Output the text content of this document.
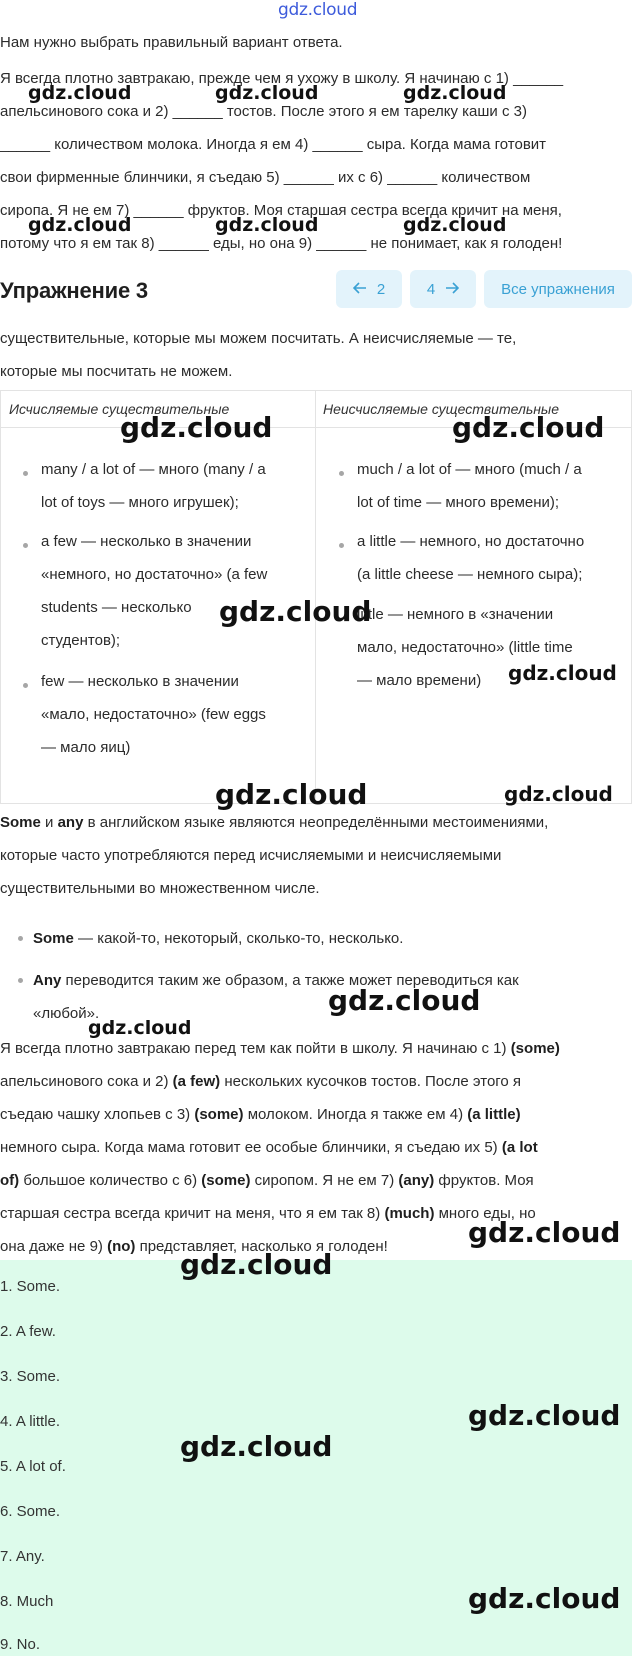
gdz.cloud

Нам нужно выбрать правильный вариант ответа.

Я всегда плотно завтракаю, прежде чем я ухожу в школу. Я начинаю с 1) ______

апельсинового сока и 2) ______ тостов. После этого я ем тарелку каши с 3)

______ количеством молока. Иногда я ем 4) ______ сыра. Когда мама готовит

свои фирменные блинчики, я съедаю 5) ______ их с 6) ______ количеством

сиропа. Я не ем 7) ______ фруктов. Моя старшая сестра всегда кричит на меня,

потому что я ем так 8) ______ еды, но она 9) ______ не понимает, как я голоден!

Упражнение 3	2	4	Все упражнения

существительные, которые мы можем посчитать. А неисчисляемые — те,

которые мы посчитать не можем.

Исчисляемые существительные	Неисчисляемые существительные
many / a lot of — много (many / a
lot of toys — много игрушек);
a few — несколько в значении
«немного, но достаточно» (a few
students — несколько
студентов);
few — несколько в значении
«мало, недостаточно» (few eggs
— мало яиц)
much / a lot of — много (much / a
lot of time — много времени);
a little — немного, но достаточно
(a little cheese — немного сыра);
little — немного в «значении
мало, недостаточно» (little time
— мало времени)

Some и any в английском языке являются неопределёнными местоимениями,

которые часто употребляются перед исчисляемыми и неисчисляемыми

существительными во множественном числе.

Some — какой-то, некоторый, сколько-то, несколько.

Any переводится таким же образом, а также может переводиться как

«любой».

Я всегда плотно завтракаю перед тем как пойти в школу. Я начинаю с 1) (some)

апельсинового сока и 2) (a few) нескольких кусочков тостов. После этого я

съедаю чашку хлопьев с 3) (some) молоком. Иногда я также ем 4) (a little)

немного сыра. Когда мама готовит ее особые блинчики, я съедаю их 5) (a lot

of) большое количество с 6) (some) сиропом. Я не ем 7) (any) фруктов. Моя

старшая сестра всегда кричит на меня, что я ем так 8) (much) много еды, но

она даже не 9) (no) представляет, насколько я голоден!

1. Some.
2. A few.
3. Some.
4. A little.
5. A lot of.
6. Some.
7. Any.
8. Much
9. No.
gdz.cloud	gdz.cloud	gdz.cloud
gdz.cloud	gdz.cloud	gdz.cloud
gdz.cloud	gdz.cloud
gdz.cloud
gdz.cloud
gdz.cloud	gdz.cloud
gdz.cloud
gdz.cloud
gdz.cloud
gdz.cloud
gdz.cloud
gdz.cloud
gdz.cloud
